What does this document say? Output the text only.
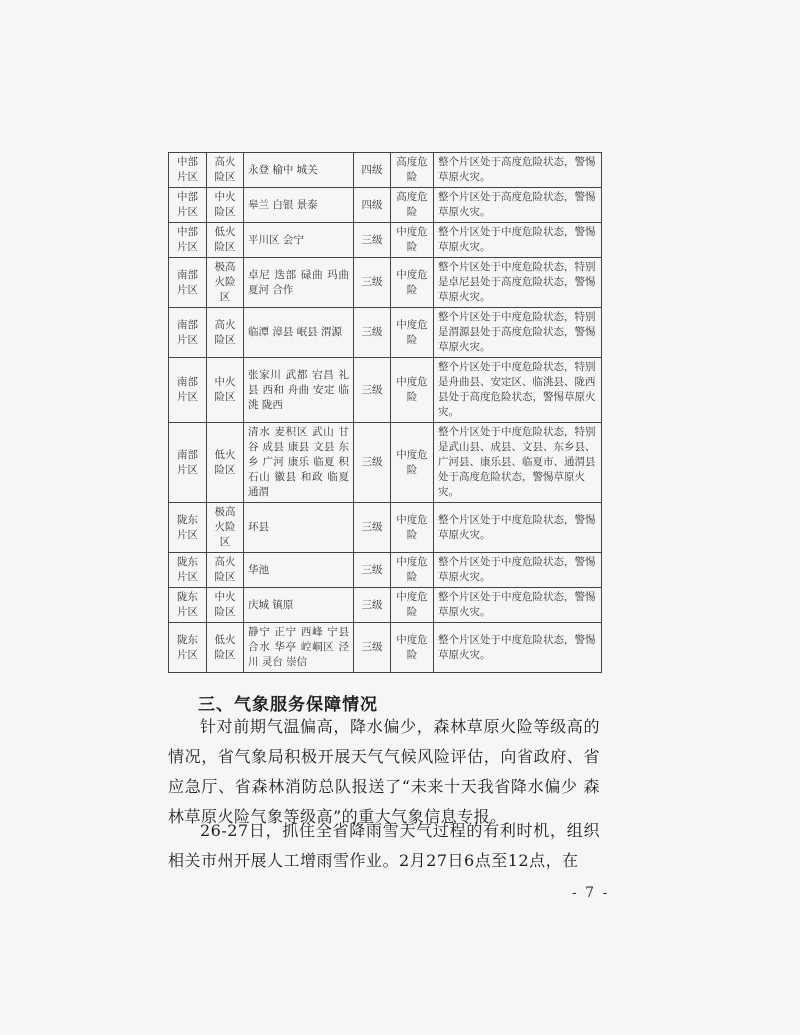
中部片区	高火险区	永登 榆中 城关	四级	高度危险	整个片区处于高度危险状态，警惕草原火灾。
中部片区	中火险区	皋兰 白银 景泰	四级	高度危险	整个片区处于高度危险状态，警惕草原火灾。
中部片区	低火险区	平川区 会宁	三级	中度危险	整个片区处于中度危险状态，警惕草原火灾。
南部片区	极高火险区	卓尼 迭部 碌曲 玛曲 夏河 合作	三级	中度危险	整个片区处于中度危险状态，特别是卓尼县处于高度危险状态，警惕草原火灾。
南部片区	高火险区	临潭 漳县 岷县 渭源	三级	中度危险	整个片区处于中度危险状态，特别是渭源县处于高度危险状态，警惕草原火灾。
南部片区	中火险区	张家川 武都 宕昌 礼县 西和 舟曲 安定 临洮 陇西	三级	中度危险	整个片区处于中度危险状态，特别是舟曲县、安定区、临洮县、陇西县处于高度危险状态，警惕草原火灾。
南部片区	低火险区	清水 麦积区 武山 甘谷 成县 康县 文县 东乡 广河 康乐 临夏 积石山 徽县 和政 临夏 通渭	三级	中度危险	整个片区处于中度危险状态，特别是武山县、成县、文县、东乡县、广河县、康乐县、临夏市、通渭县处于高度危险状态，警惕草原火灾。
陇东片区	极高火险区	环县	三级	中度危险	整个片区处于中度危险状态，警惕草原火灾。
陇东片区	高火险区	华池	三级	中度危险	整个片区处于中度危险状态，警惕草原火灾。
陇东片区	中火险区	庆城 镇原	三级	中度危险	整个片区处于中度危险状态，警惕草原火灾。
陇东片区	低火险区	静宁 正宁 西峰 宁县 合水 华亭 崆峒区 泾川 灵台 崇信	三级	中度危险	整个片区处于中度危险状态，警惕草原火灾。
三、气象服务保障情况

针对前期气温偏高，降水偏少，森林草原火险等级高的情况，省气象局积极开展天气气候风险评估，向省政府、省应急厅、省森林消防总队报送了“未来十天我省降水偏少 森林草原火险气象等级高”的重大气象信息专报。

26-27日，抓住全省降雨雪天气过程的有利时机，组织相关市州开展人工增雨雪作业。2月27日6点至12点，在

- 7 -
